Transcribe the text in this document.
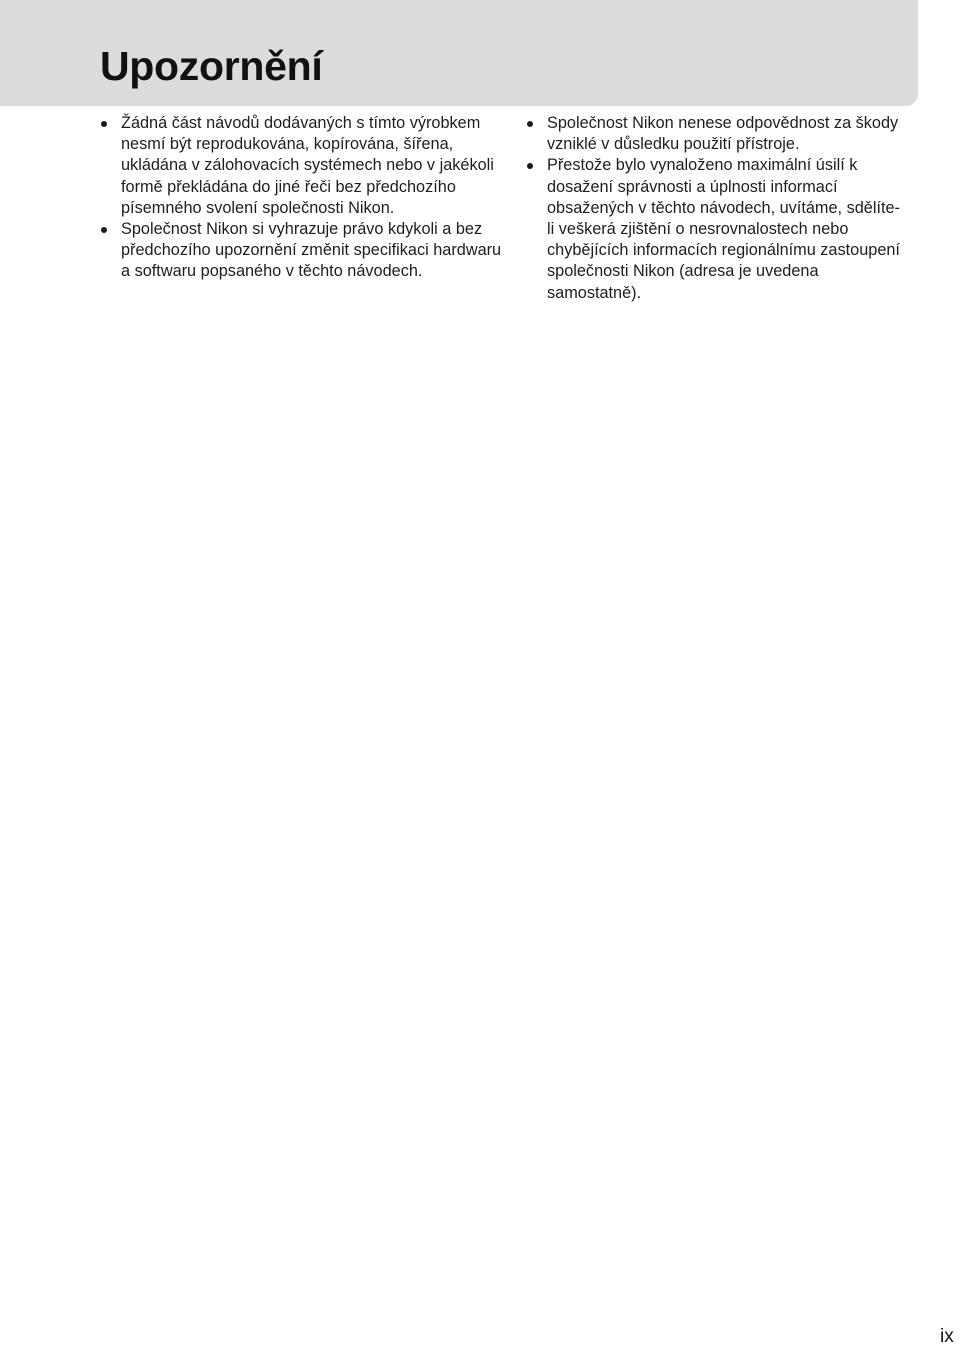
Upozornění
Žádná část návodů dodávaných s tímto výrobkem nesmí být reprodukována, kopírována, šířena, ukládána v zálohovacích systémech nebo v jakékoli formě překládána do jiné řeči bez předchozího písemného svolení společnosti Nikon.
Společnost Nikon si vyhrazuje právo kdykoli a bez předchozího upozornění změnit specifikaci hardwaru a softwaru popsaného v těchto návodech.
Společnost Nikon nenese odpovědnost za škody vzniklé v důsledku použití přístroje.
Přestože bylo vynaloženo maximální úsilí k dosažení správnosti a úplnosti informací obsažených v těchto návodech, uvítáme, sdělíte-li veškerá zjištění o nesrovnalostech nebo chybějících informacích regionálnímu zastoupení společnosti Nikon (adresa je uvedena samostatně).
ix
